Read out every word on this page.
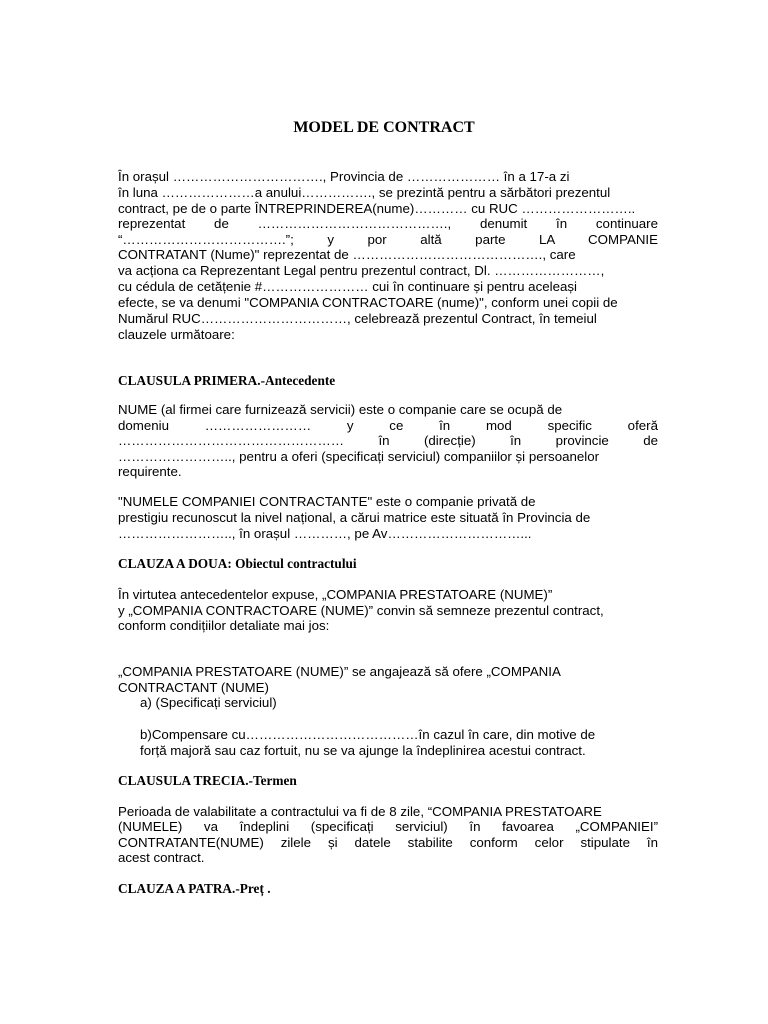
MODEL DE CONTRACT
În orașul ……………………………., Provincia de ………………… în a 17-a zi
în luna …………………a anului……………., se prezintă pentru a sărbători prezentul
contract, pe de o parte ÎNTREPRINDEREA(nume)………… cu RUC ……………………..
reprezentat de ……………………………………., denumit în continuare
“……………………………….”; y por altă parte LA COMPANIE
CONTRATANT (Nume)" reprezentat de ……………………………………., care
va acționa ca Reprezentant Legal pentru prezentul contract, Dl. ……………………,
cu cédula de cetățenie #…………………… cui în continuare și pentru aceleași
efecte, se va denumi "COMPANIA CONTRACTOARE (nume)", conform unei copii de
Numărul RUC……………………………, celebrează prezentul Contract, în temeiul
clauzele următoare:
CLAUSULA PRIMERA.-Antecedente
NUME (al firmei care furnizează servicii) este o companie care se ocupă de
domeniu …………………… y ce în mod specific oferă
…………………………………………… în (direcție) în provincie de
…………………….., pentru a oferi (specificați serviciul) companiilor și persoanelor
requirente.
"NUMELE COMPANIEI CONTRACTANTE" este o companie privată de
prestigiu recunoscut la nivel național, a cărui matrice este situată în Provincia de
…………………….., în orașul …………, pe Av…………………………...
CLAUZA A DOUA: Obiectul contractului
În virtutea antecedentelor expuse, „COMPANIA PRESTATOARE (NUME)”
y „COMPANIA CONTRACTOARE (NUME)” convin să semneze prezentul contract,
conform condițiilor detaliate mai jos:
„COMPANIA PRESTATOARE (NUME)” se angajează să ofere „COMPANIA
CONTRACTANT (NUME)
a) (Specificați serviciul)
b)Compensare cu…………………………………în cazul în care, din motive de
forță majoră sau caz fortuit, nu se va ajunge la îndeplinirea acestui contract.
CLAUSULA TRECIA.-Termen
Perioada de valabilitate a contractului va fi de 8 zile, “COMPANIA PRESTATOARE
(NUMELE) va îndeplini (specificați serviciul) în favoarea „COMPANIEI”
CONTRATANTE(NUME) zilele și datele stabilite conform celor stipulate în
acest contract.
CLAUZA A PATRA.-Preț .
